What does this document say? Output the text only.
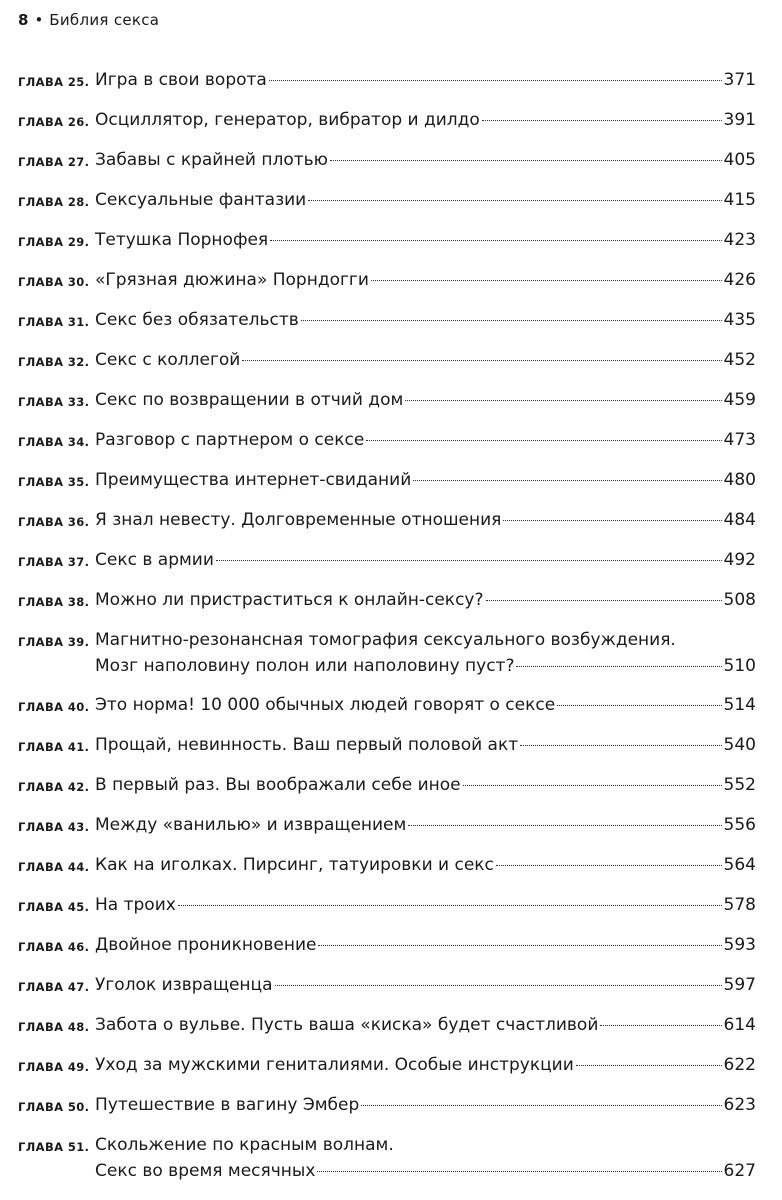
8 • Библия секса
ГЛАВА 25. Игра в свои ворота	371
ГЛАВА 26. Осциллятор, генератор, вибратор и дилдо	391
ГЛАВА 27. Забавы с крайней плотью	405
ГЛАВА 28. Сексуальные фантазии	415
ГЛАВА 29. Тетушка Порнофея	423
ГЛАВА 30. «Грязная дюжина» Порндогги	426
ГЛАВА 31. Секс без обязательств	435
ГЛАВА 32. Секс с коллегой	452
ГЛАВА 33. Секс по возвращении в отчий дом	459
ГЛАВА 34. Разговор с партнером о сексе	473
ГЛАВА 35. Преимущества интернет-свиданий	480
ГЛАВА 36. Я знал невесту. Долговременные отношения	484
ГЛАВА 37. Секс в армии	492
ГЛАВА 38. Можно ли пристраститься к онлайн-сексу?	508
ГЛАВА 39. Магнитно-резонансная томография сексуального возбуждения.
Мозг наполовину полон или наполовину пуст?	510
ГЛАВА 40. Это норма! 10 000 обычных людей говорят о сексе	514
ГЛАВА 41. Прощай, невинность. Ваш первый половой акт	540
ГЛАВА 42. В первый раз. Вы воображали себе иное	552
ГЛАВА 43. Между «ванилью» и извращением	556
ГЛАВА 44. Как на иголках. Пирсинг, татуировки и секс	564
ГЛАВА 45. На троих	578
ГЛАВА 46. Двойное проникновение	593
ГЛАВА 47. Уголок извращенца	597
ГЛАВА 48. Забота о вульве. Пусть ваша «киска» будет счастливой	614
ГЛАВА 49. Уход за мужскими гениталиями. Особые инструкции	622
ГЛАВА 50. Путешествие в вагину Эмбер	623
ГЛАВА 51. Скольжение по красным волнам.
Секс во время месячных	627
